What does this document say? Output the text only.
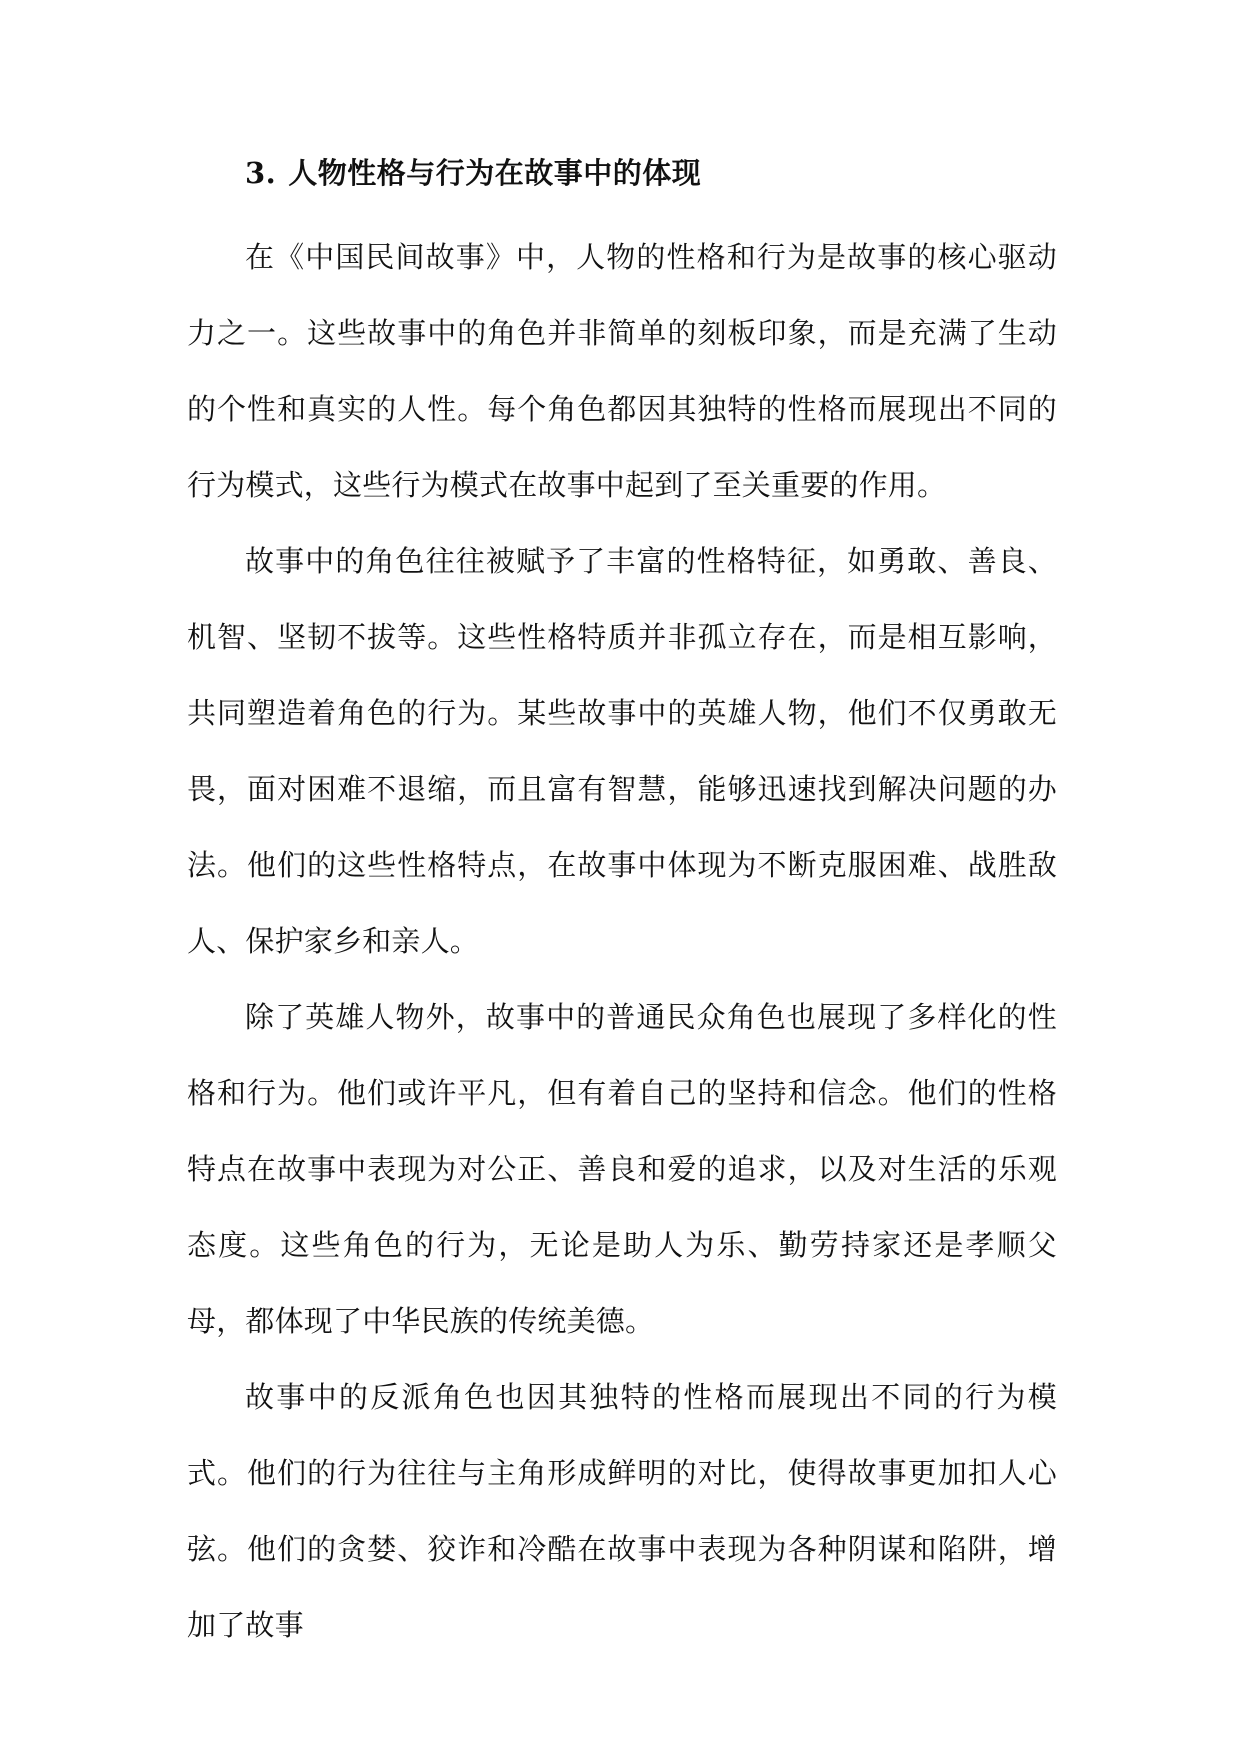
3. 人物性格与行为在故事中的体现

在《中国民间故事》中，人物的性格和行为是故事的核心驱动力之一。这些故事中的角色并非简单的刻板印象，而是充满了生动的个性和真实的人性。每个角色都因其独特的性格而展现出不同的行为模式，这些行为模式在故事中起到了至关重要的作用。

故事中的角色往往被赋予了丰富的性格特征，如勇敢、善良、机智、坚韧不拔等。这些性格特质并非孤立存在，而是相互影响，共同塑造着角色的行为。某些故事中的英雄人物，他们不仅勇敢无畏，面对困难不退缩，而且富有智慧，能够迅速找到解决问题的办法。他们的这些性格特点，在故事中体现为不断克服困难、战胜敌人、保护家乡和亲人。

除了英雄人物外，故事中的普通民众角色也展现了多样化的性格和行为。他们或许平凡，但有着自己的坚持和信念。他们的性格特点在故事中表现为对公正、善良和爱的追求，以及对生活的乐观态度。这些角色的行为，无论是助人为乐、勤劳持家还是孝顺父母，都体现了中华民族的传统美德。

故事中的反派角色也因其独特的性格而展现出不同的行为模式。他们的行为往往与主角形成鲜明的对比，使得故事更加扣人心弦。他们的贪婪、狡诈和冷酷在故事中表现为各种阴谋和陷阱，增加了故事
